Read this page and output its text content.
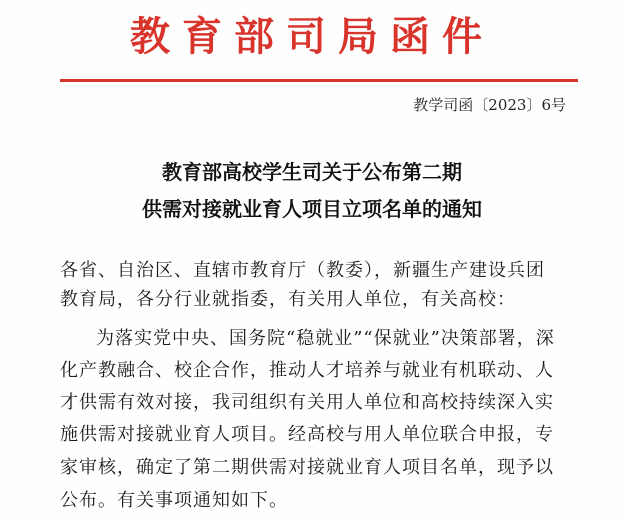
教育部司局函件
教学司函〔2023〕6号
教育部高校学生司关于公布第二期
供需对接就业育人项目立项名单的通知
各省、自治区、直辖市教育厅（教委），新疆生产建设兵团
教育局，各分行业就指委，有关用人单位，有关高校：
为落实党中央、国务院“稳就业”“保就业”决策部署，深
化产教融合、校企合作，推动人才培养与就业有机联动、人
才供需有效对接，我司组织有关用人单位和高校持续深入实
施供需对接就业育人项目。经高校与用人单位联合申报，专
家审核，确定了第二期供需对接就业育人项目名单，现予以
公布。有关事项通知如下。
